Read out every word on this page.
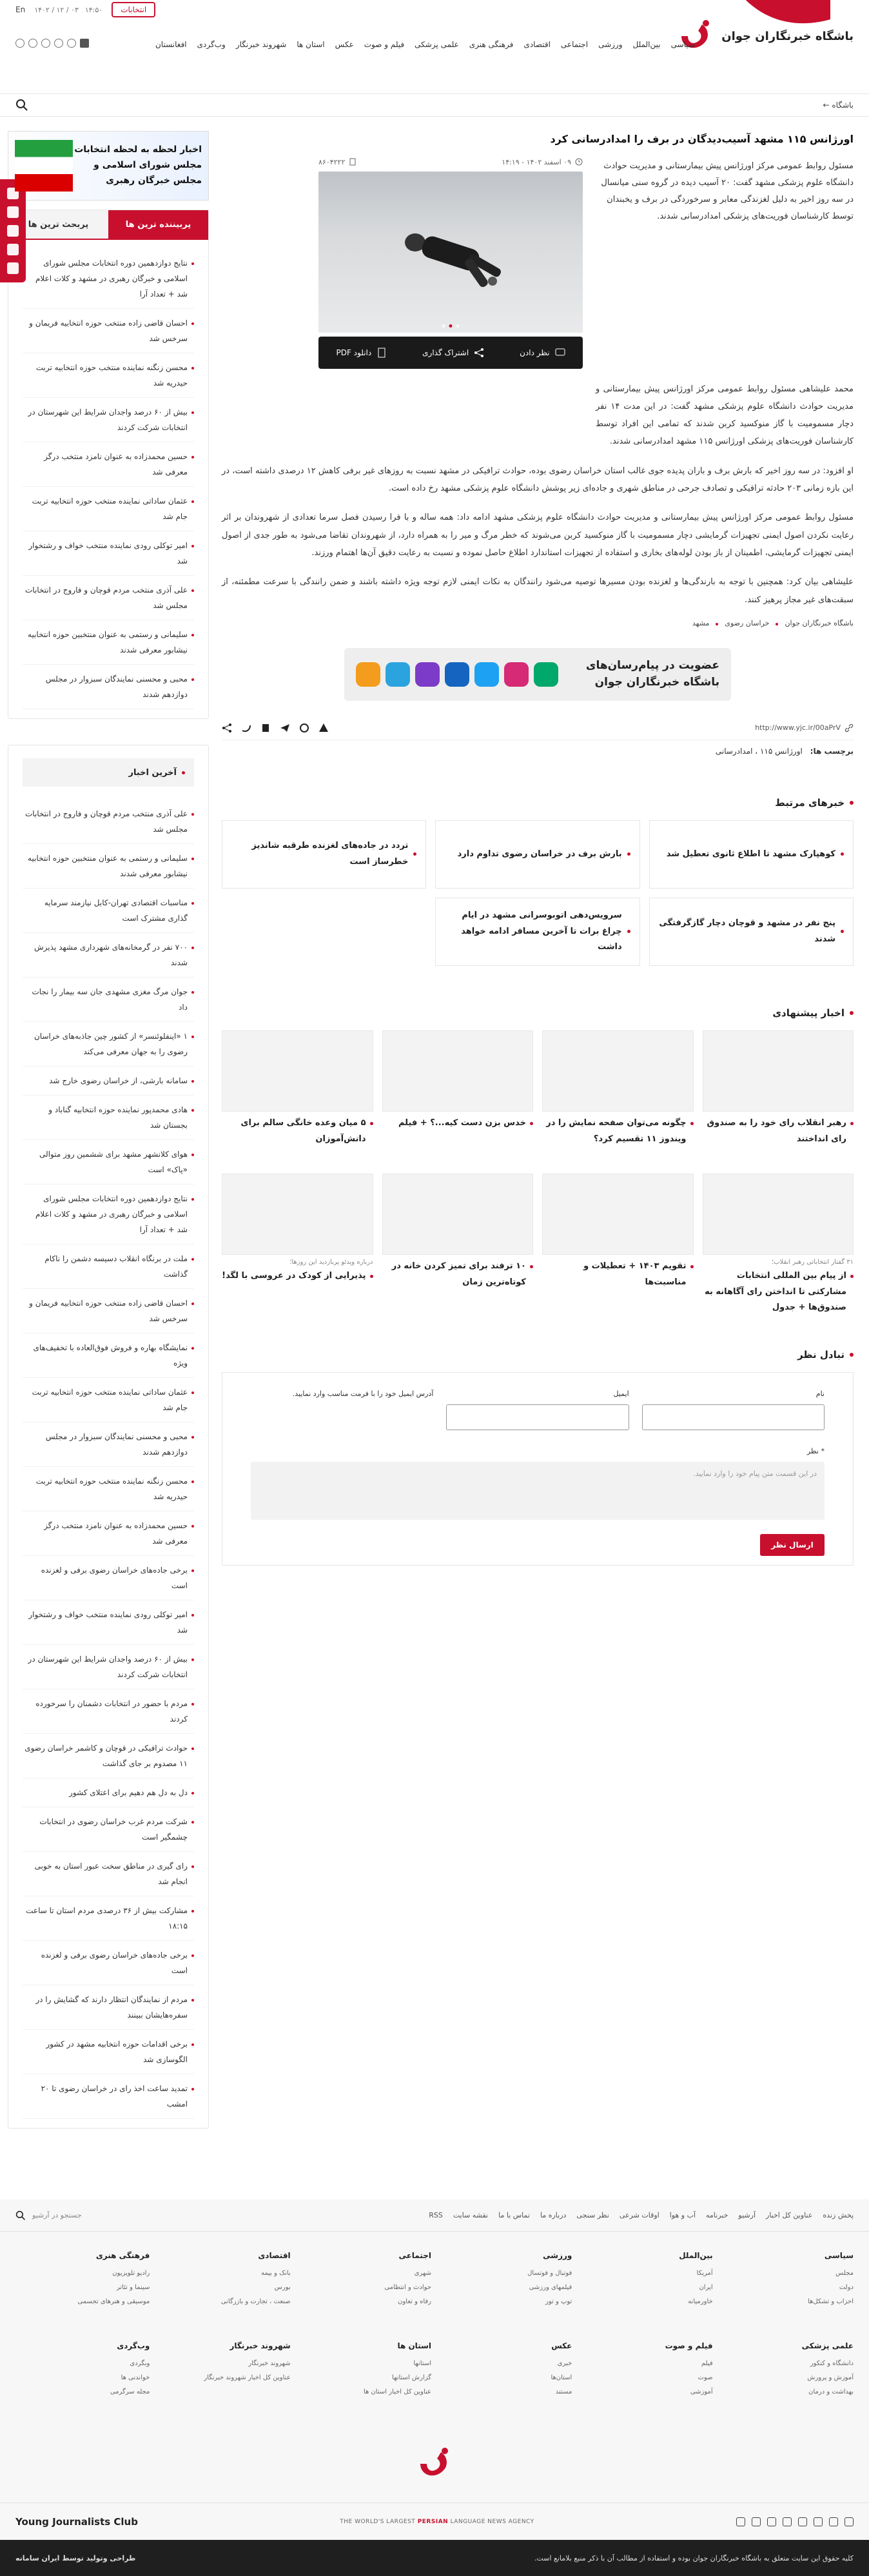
En ۱۴۰۲ / ۱۲ / ۰۳ ۱۴:۵۰	انتخابات
باشگاه خبرنگاران جوان
سیاسی
بین‌الملل
ورزشی
اجتماعی
اقتصادی
فرهنگی هنری
علمی پزشکی
فیلم و صوت
عکس
استان ها
شهروند خبرنگار
وب‌گردی
افغانستان
باشگاه ←
اورژانس ۱۱۵ مشهد آسیب‌دیدگان در برف را امدادرسانی کرد

مسئول روابط عمومی مرکز اورژانس پیش بیمارستانی و مدیریت حوادث دانشگاه علوم پزشکی مشهد گفت: ۲۰ آسیب دیده در گروه سنی میانسال در سه روز اخیر به دلیل لغزندگی معابر و سرخوردگی در برف و یخبندان توسط کارشناسان فوریت‌های پزشکی امدادرسانی شدند.

۰۹ اسفند ۱۴۰۲ - ۱۴:۱۹
۸۶۰۴۲۲۲
نظر دادن
اشتراک گذاری
دانلود PDF

محمد علیشاهی مسئول روابط عمومی مرکز اورژانس پیش بیمارستانی و مدیریت حوادث دانشگاه علوم پزشکی مشهد گفت: در این مدت ۱۴ نفر دچار مسمومیت با گاز منوکسید کربن شدند که تمامی این افراد توسط کارشناسان فوریت‌های پزشکی اورژانس ۱۱۵ مشهد امدادرسانی شدند.

او افزود: در سه روز اخیر که بارش برف و باران پدیده جوی غالب استان خراسان رضوی بوده، حوادث ترافیکی در مشهد نسبت به روزهای غیر برفی کاهش ۱۲ درصدی داشته است، در این بازه زمانی ۲۰۳ حادثه ترافیکی و تصادف جرحی در مناطق شهری و جاده‌ای زیر پوشش دانشگاه علوم پزشکی مشهد رخ داده است.

مسئول روابط عمومی مرکز اورژانس پیش بیمارستانی و مدیریت حوادث دانشگاه علوم پزشکی مشهد ادامه داد: همه ساله و با فرا رسیدن فصل سرما تعدادی از شهروندان بر اثر رعایت نکردن اصول ایمنی تجهیزات گرمایشی دچار مسمومیت با گاز منوکسید کربن می‌شوند که خطر مرگ و میر را به همراه دارد، از شهروندان تقاضا می‌شود به طور جدی از اصول ایمنی تجهیزات گرمایشی، اطمینان از باز بودن لوله‌های بخاری و استفاده از تجهیزات استاندارد اطلاع حاصل نموده و نسبت به رعایت دقیق آن‌ها اهتمام ورزند.

علیشاهی بیان کرد: همچنین با توجه به بارندگی‌ها و لغزنده بودن مسیرها توصیه می‌شود رانندگان به نکات ایمنی لازم توجه ویژه داشته باشند و ضمن رانندگی با سرعت مطمئنه، از سبقت‌های غیر مجاز پرهیز کنند.

باشگاه خبرنگاران جوان
خراسان رضوی
مشهد
عضویت در پیام‌رسان‌های باشگاه خبرنگاران جوان
http://www.yjc.ir/00aPrV
برچسب ها: اورژانس ۱۱۵ ، امدادرسانی
خبرهای مرتبط
کوهپارک مشهد تا اطلاع ثانوی تعطیل شد
بارش برف در خراسان رضوی تداوم دارد
تردد در جاده‌های لغزنده طرقبه شاندیز خطرساز است
پنج نفر در مشهد و قوچان دچار گازگرفتگی شدند
سرویس‌دهی اتوبوسرانی مشهد در ایام چراغ برات تا آخرین مسافر ادامه خواهد داشت
اخبار پیشنهادی
رهبر انقلاب رای خود را به صندوق رای انداختند
چگونه می‌توان صفحه نمایش را در ویندوز ۱۱ تقسیم کرد؟
خدس بزن دست کیه...؟ + فیلم
۵ میان وعده خانگی سالم برای دانش‌آموزان
۳۱ گفتار انتخاباتی رهبر انقلاب؛
از پیام بین المللی انتخابات مشارکتی تا انداختن رای آگاهانه به صندوق‌ها + جدول
تقویم ۱۴۰۳ + تعطیلات و مناسبت‌ها
۱۰ ترفند برای تمیز کردن خانه در کوتاه‌ترین زمان
درباره ویدئو پربازدید این روزها؛
پذیرایی از کودک در عروسی با لگد!
تبادل نظر
نام
ایمیل
آدرس ایمیل خود را با فرمت مناسب وارد نمایید.
* نظر
در این قسمت متن پیام خود را وارد نمایید.
ارسال نظر
اخبار لحظه به لحظه انتخابات مجلس شورای اسلامی و مجلس خبرگان رهبری
پربیننده ترین ها
پربحث ترین ها
نتایج دوازدهمین دوره انتخابات مجلس شورای اسلامی و خبرگان رهبری در مشهد و کلات اعلام شد + تعداد آرا
احسان قاضی زاده منتخب حوزه انتخابیه فریمان و سرخس شد
محسن زنگنه نماینده منتخب حوزه انتخابیه تربت حیدریه شد
بیش از ۶۰ درصد واجدان شرایط این شهرستان در انتخابات شرکت کردند
حسین محمدزاده به عنوان نامزد منتخب درگز معرفی شد
عثمان ساداتی نماینده منتخب حوزه انتخابیه تربت جام شد
امیر توکلی رودی نماینده منتخب خواف و رشتخوار شد
علی آذری منتخب مردم قوچان و فاروج در انتخابات مجلس شد
سلیمانی و رستمی به عنوان منتخبین حوزه انتخابیه نیشابور معرفی شدند
محبی و محسنی نمایندگان سبزوار در مجلس دوازدهم شدند
آخرین اخبار
علی آذری منتخب مردم قوچان و فاروج در انتخابات مجلس شد
سلیمانی و رستمی به عنوان منتخبین حوزه انتخابیه نیشابور معرفی شدند
مناسبات اقتصادی تهران-کابل نیازمند سرمایه گذاری مشترک است
۷۰۰ نفر در گرمخانه‌های شهرداری مشهد پذیرش شدند
جوان مرگ مغزی مشهدی جان سه بیمار را نجات داد
۱ «اینفلوئنسر» از کشور چین جاذبه‌های خراسان رضوی را به جهان معرفی می‌کند
سامانه بارشی، از خراسان رضوی خارج شد
هادی محمدپور نماینده حوزه انتخابیه گناباد و بجستان شد
هوای کلانشهر مشهد برای ششمین روز متوالی «پاک» است
نتایج دوازدهمین دوره انتخابات مجلس شورای اسلامی و خبرگان رهبری در مشهد و کلات اعلام شد + تعداد آرا
ملت در برنگاه انقلاب دسیسه دشمن را ناکام گذاشت
احسان قاضی زاده منتخب حوزه انتخابیه فریمان و سرخس شد
نمایشگاه بهاره و فروش فوق‌العاده با تخفیف‌های ویژه
عثمان ساداتی نماینده منتخب حوزه انتخابیه تربت جام شد
محبی و محسنی نمایندگان سبزوار در مجلس دوازدهم شدند
محسن زنگنه نماینده منتخب حوزه انتخابیه تربت حیدریه شد
حسین محمدزاده به عنوان نامزد منتخب درگز معرفی شد
برخی جاده‌های خراسان رضوی برفی و لغزنده است
امیر توکلی رودی نماینده منتخب خواف و رشتخوار شد
بیش از ۶۰ درصد واجدان شرایط این شهرستان در انتخابات شرکت کردند
مردم با حضور در انتخابات دشمنان را سرخورده کردند
حوادث ترافیکی در قوچان و کاشمر خراسان رضوی ۱۱ مصدوم بر جای گذاشت
دل به دل هم دهیم برای اعتلای کشور
شرکت مردم غرب خراسان رضوی در انتخابات چشمگیر است
رای گیری در مناطق سخت عبور استان به خوبی انجام شد
مشارکت بیش از ۳۶ درصدی مردم استان تا ساعت ۱۸:۱۵
برخی جاده‌های خراسان رضوی برفی و لغزنده است
مردم از نمایندگان انتظار دارند که گشایش را در سفره‌هایشان ببینند
برخی اقدامات حوزه انتخابیه مشهد در کشور الگوسازی شد
تمدید ساعت اخذ رای در خراسان رضوی تا ۲۰ امشب
پخش زنده
عناوین کل اخبار
آرشیو
خبرنامه
آب و هوا
اوقات شرعی
نظر سنجی
درباره ما
تماس با ما
نقشه سایت
RSS
جستجو در آرشیو
سیاسی
مجلس
دولت
احزاب و تشکل‌ها
بین‌الملل
آمریکا
ایران
خاورمیانه
ورزشی
فوتبال و فوتسال
فیلمهای ورزشی
توپ و تور
اجتماعی
شهری
حوادث و انتظامی
رفاه و تعاون
اقتصادی
بانک و بیمه
بورس
صنعت ، تجارت و بازرگانی
فرهنگی هنری
رادیو تلویزیون
سینما و تئاتر
موسیقی و هنرهای تجسمی
علمی پزشکی
دانشگاه و کنکور
آموزش و پرورش
بهداشت و درمان
فیلم و صوت
فیلم
صوت
آموزشی
عکس
خبری
استان‌ها
مستند
استان ها
استانها
گزارش استانها
عناوین کل اخبار استان ها
شهروند خبرنگار
شهروند خبرنگار
عناوین کل اخبار شهروند خبرنگار
وب‌گردی
وبگردی
خواندنی ها
مجله سرگرمی
Young Journalists Club	THE WORLD'S LARGEST PERSIAN LANGUAGE NEWS AGENCY
کلیه حقوق این سایت متعلق به باشگاه خبرنگاران جوان بوده و استفاده از مطالب آن با ذکر منبع بلامانع است.
طراحی وتولید توسط ایران سامانه
